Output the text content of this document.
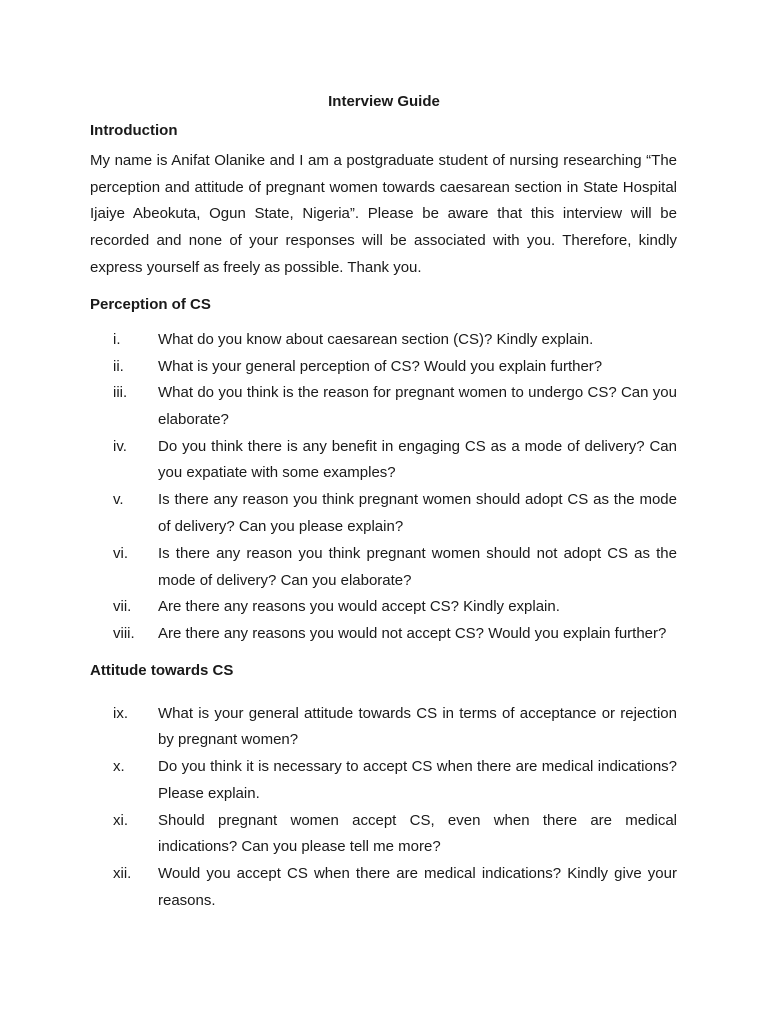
Interview Guide
Introduction
My name is Anifat Olanike and I am a postgraduate student of nursing researching “The
perception and attitude of pregnant women towards caesarean section in State Hospital
Ijaiye Abeokuta, Ogun State, Nigeria”. Please be aware that this interview will be
recorded and none of your responses will be associated with you. Therefore, kindly
express yourself as freely as possible. Thank you.
Perception of CS
i.	What do you know about caesarean section (CS)? Kindly explain.
ii. What is your general perception of CS? Would you explain further?
iii. What do you think is the reason for pregnant women to undergo CS? Can you
elaborate?
iv. Do you think there is any benefit in engaging CS as a mode of delivery? Can
you expatiate with some examples?
v. Is there any reason you think pregnant women should adopt CS as the mode
of delivery? Can you please explain?
vi. Is there any reason you think pregnant women should not adopt CS as the
mode of delivery? Can you elaborate?
vii. Are there any reasons you would accept CS? Kindly explain.
viii. Are there any reasons you would not accept CS? Would you explain further?
Attitude towards CS
ix. What is your general attitude towards CS in terms of acceptance or rejection
by pregnant women?
x. Do you think it is necessary to accept CS when there are medical indications?
Please explain.
xi. Should pregnant women accept CS, even when there are medical
indications? Can you please tell me more?
xii. Would you accept CS when there are medical indications? Kindly give your
reasons.
